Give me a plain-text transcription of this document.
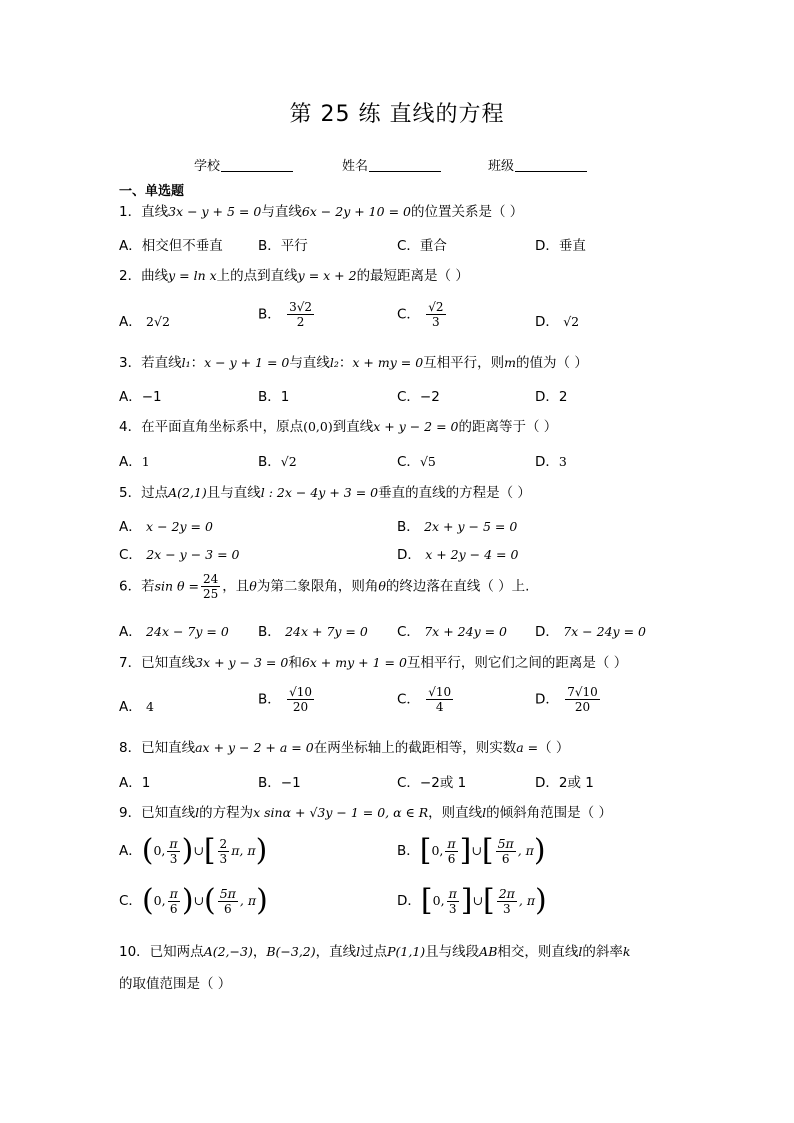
第 25 练 直线的方程
学校	姓名	班级
一、单选题
1．直线3x − y + 5 = 0与直线6x − 2y + 10 = 0的位置关系是（ ）
A．相交但不垂直	B．平行	C．重合	D．垂直
2．曲线y = ln x上的点到直线y = x + 2的最短距离是（ ）
A． 2√2	B． $\frac{3√2}{2}$	C． $\frac{√2}{3}$	D． √2
3．若直线l₁：x − y + 1 = 0与直线l₂：x + my = 0互相平行，则m的值为（ ）
A．−1	B．1	C．−2	D．2
4．在平面直角坐标系中，原点(0,0)到直线x + y − 2 = 0的距离等于（ ）
A．1	B．√2	C．√5	D．3
5．过点A(2,1)且与直线l : 2x − 4y + 3 = 0垂直的直线的方程是（ ）
A． x − 2y = 0	B． 2x + y − 5 = 0
C． 2x − y − 3 = 0	D． x + 2y − 4 = 0
6．若$\sin \theta = \frac{24}{25}$ ，且θ为第二象限角，则角θ的终边落在直线（ ）上.
A． 24x − 7y = 0 B． 24x + 7y = 0 C． 7x + 24y = 0 D． 7x − 24y = 0
7．已知直线3x + y − 3 = 0和6x + my + 1 = 0互相平行，则它们之间的距离是（ ）
A． 4	B． $\frac{√10}{20}$	C． $\frac{√10}{4}$	D． $\frac{7√10}{20}$
8．已知直线ax + y − 2 + a = 0在两坐标轴上的截距相等，则实数a =（ ）
A．1	B．−1	C．−2或 1	D．2或 1
9．已知直线l的方程为x sinα + √3y − 1 = 0, α ∈ R，则直线l的倾斜角范围是（ ）
A．(0, $\frac{\pi}{3}$ )∪[ $\frac{2}{3} \pi$, π)	B．[0, $\frac{\pi}{6}$ ]∪[ $\frac{5\pi}{6}$ , π)
C．(0, $\frac{\pi}{6}$ )∪( $\frac{5\pi}{6}$ , π)	D．[0, $\frac{\pi}{3}$ ]∪[ $\frac{2\pi}{3}$ , π)
10．已知两点A(2,−3)，B(−3,2)，直线l过点P(1,1)且与线段AB相交，则直线l的斜率k
的取值范围是（ ）
